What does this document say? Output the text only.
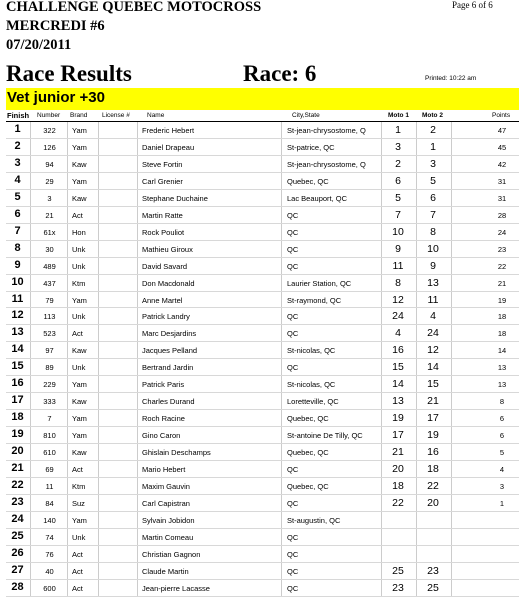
CHALLENGE QUEBEC MOTOCROSS
MERCREDI #6
07/20/2011
Page 6 of 6
Race Results	Race: 6	Printed: 10:22 am
Vet junior +30
Finish Number Brand License #	Name	City,State	Moto 1 Moto 2	Points
1	322	Yam	Frederic Hebert	St-jean-chrysostome, Q	1	2	47
2	126	Yam	Daniel Drapeau	St-patrice, QC	3	1	45
3	94	Kaw	Steve Fortin	St-jean-chrysostome, Q	2	3	42
4	29	Yam	Carl Grenier	Quebec, QC	6	5	31
5	3	Kaw	Stephane Duchaine	Lac Beauport, QC	5	6	31
6	21	Act	Martin Ratte	QC	7	7	28
7	61x	Hon	Rock Pouliot	QC	10	8	24
8	30	Unk	Mathieu Giroux	QC	9	10	23
9	489	Unk	David Savard	QC	11	9	22
10	437	Ktm	Don Macdonald	Laurier Station, QC	8	13	21
11	79	Yam	Anne Martel	St-raymond, QC	12	11	19
12	113	Unk	Patrick Landry	QC	24	4	18
13	523	Act	Marc Desjardins	QC	4	24	18
14	97	Kaw	Jacques Pelland	St-nicolas, QC	16	12	14
15	89	Unk	Bertrand Jardin	QC	15	14	13
16	229	Yam	Patrick Paris	St-nicolas, QC	14	15	13
17	333	Kaw	Charles Durand	Loretteville, QC	13	21	8
18	7	Yam	Roch Racine	Quebec, QC	19	17	6
19	810	Yam	Gino Caron	St-antoine De Tilly, QC	17	19	6
20	610	Kaw	Ghislain Deschamps	Quebec, QC	21	16	5
21	69	Act	Mario Hebert	QC	20	18	4
22	11	Ktm	Maxim Gauvin	Quebec, QC	18	22	3
23	84	Suz	Carl Capistran	QC	22	20	1
24	140	Yam	Sylvain Jobidon	St-augustin, QC
25	74	Unk	Martin Comeau	QC
26	76	Act	Christian Gagnon	QC
27	40	Act	Claude Martin	QC	25	23
28	600	Act	Jean-pierre Lacasse	QC	23	25
